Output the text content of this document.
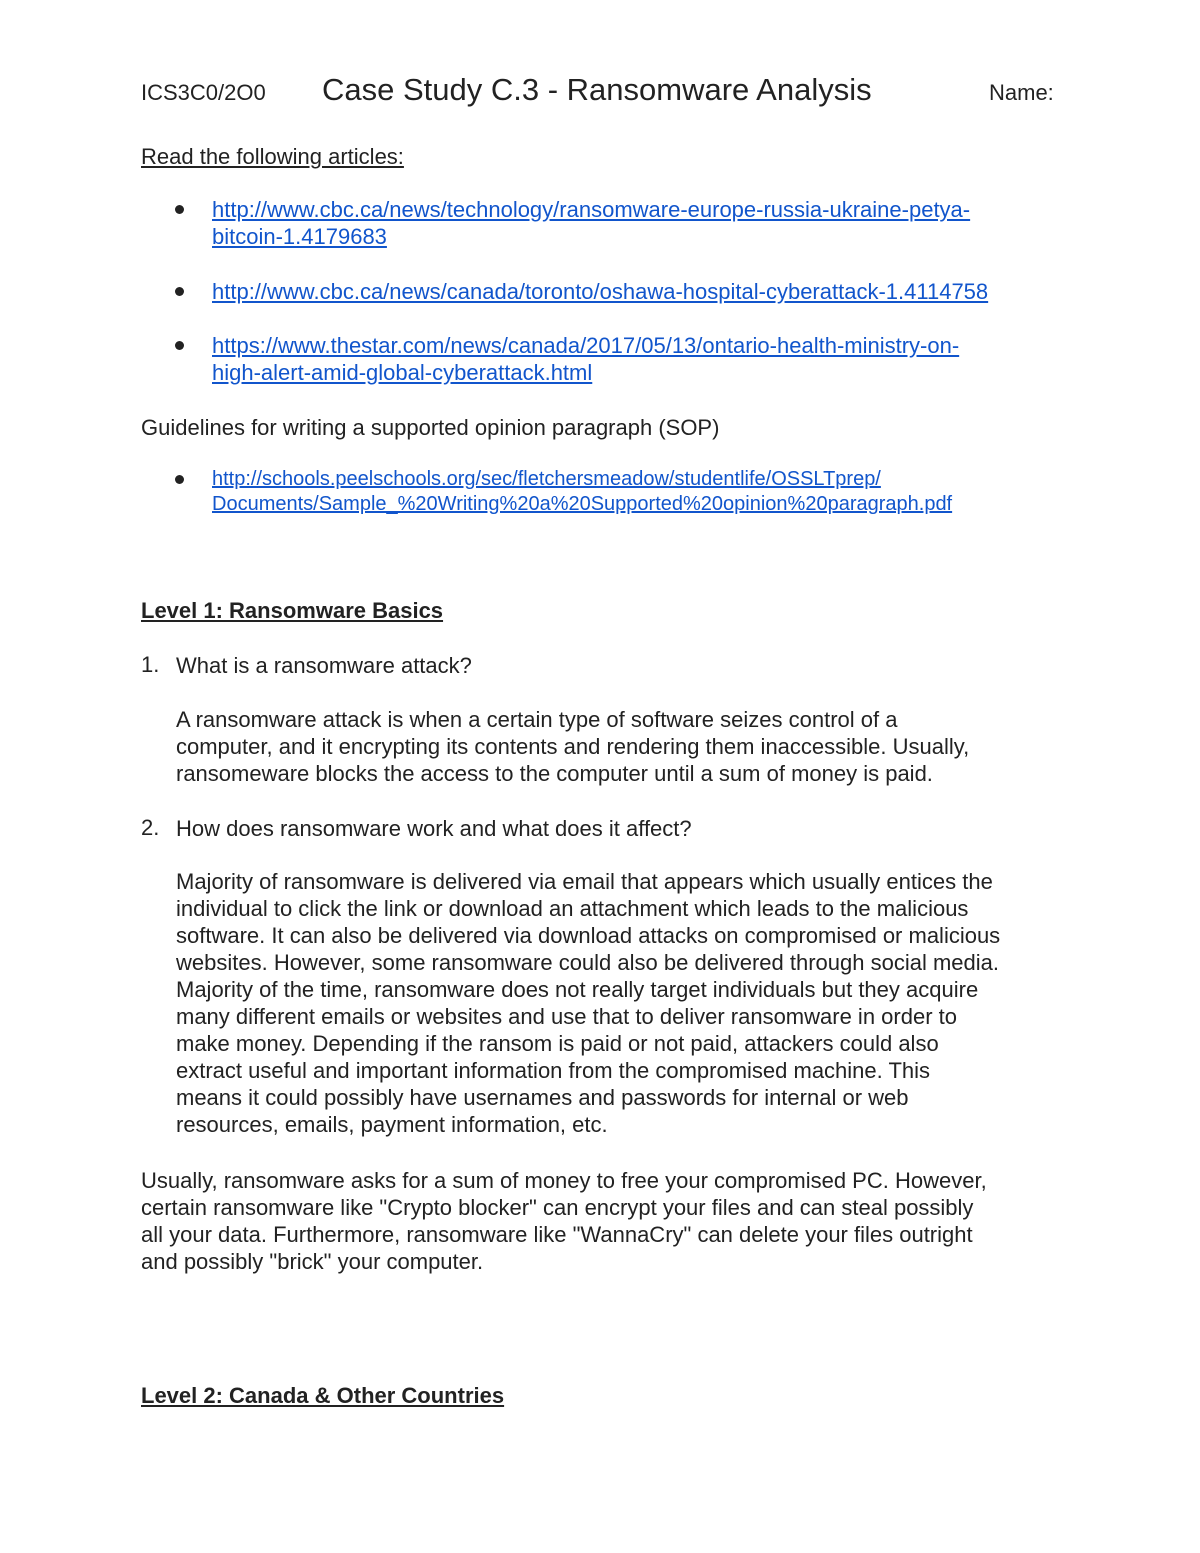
ICS3C0/2O0 Case Study C.3 - Ransomware Analysis	Name:
Read the following articles:
http://www.cbc.ca/news/technology/ransomware-europe-russia-ukraine-petya-
bitcoin-1.4179683
http://www.cbc.ca/news/canada/toronto/oshawa-hospital-cyberattack-1.4114758
https://www.thestar.com/news/canada/2017/05/13/ontario-health-ministry-on-
high-alert-amid-global-cyberattack.html
Guidelines for writing a supported opinion paragraph (SOP)
http://schools.peelschools.org/sec/fletchersmeadow/studentlife/OSSLTprep/
Documents/Sample_%20Writing%20a%20Supported%20opinion%20paragraph.pdf
Level 1: Ransomware Basics
1. What is a ransomware attack?
A ransomware attack is when a certain type of software seizes control of a
computer, and it encrypting its contents and rendering them inaccessible. Usually,
ransomeware blocks the access to the computer until a sum of money is paid.
2. How does ransomware work and what does it affect?
Majority of ransomware is delivered via email that appears which usually entices the
individual to click the link or download an attachment which leads to the malicious
software. It can also be delivered via download attacks on compromised or malicious
websites. However, some ransomware could also be delivered through social media.
Majority of the time, ransomware does not really target individuals but they acquire
many different emails or websites and use that to deliver ransomware in order to
make money. Depending if the ransom is paid or not paid, attackers could also
extract useful and important information from the compromised machine. This
means it could possibly have usernames and passwords for internal or web
resources, emails, payment information, etc.
Usually, ransomware asks for a sum of money to free your compromised PC. However,
certain ransomware like "Crypto blocker" can encrypt your files and can steal possibly
all your data. Furthermore, ransomware like "WannaCry" can delete your files outright
and possibly "brick" your computer.
Level 2: Canada & Other Countries
